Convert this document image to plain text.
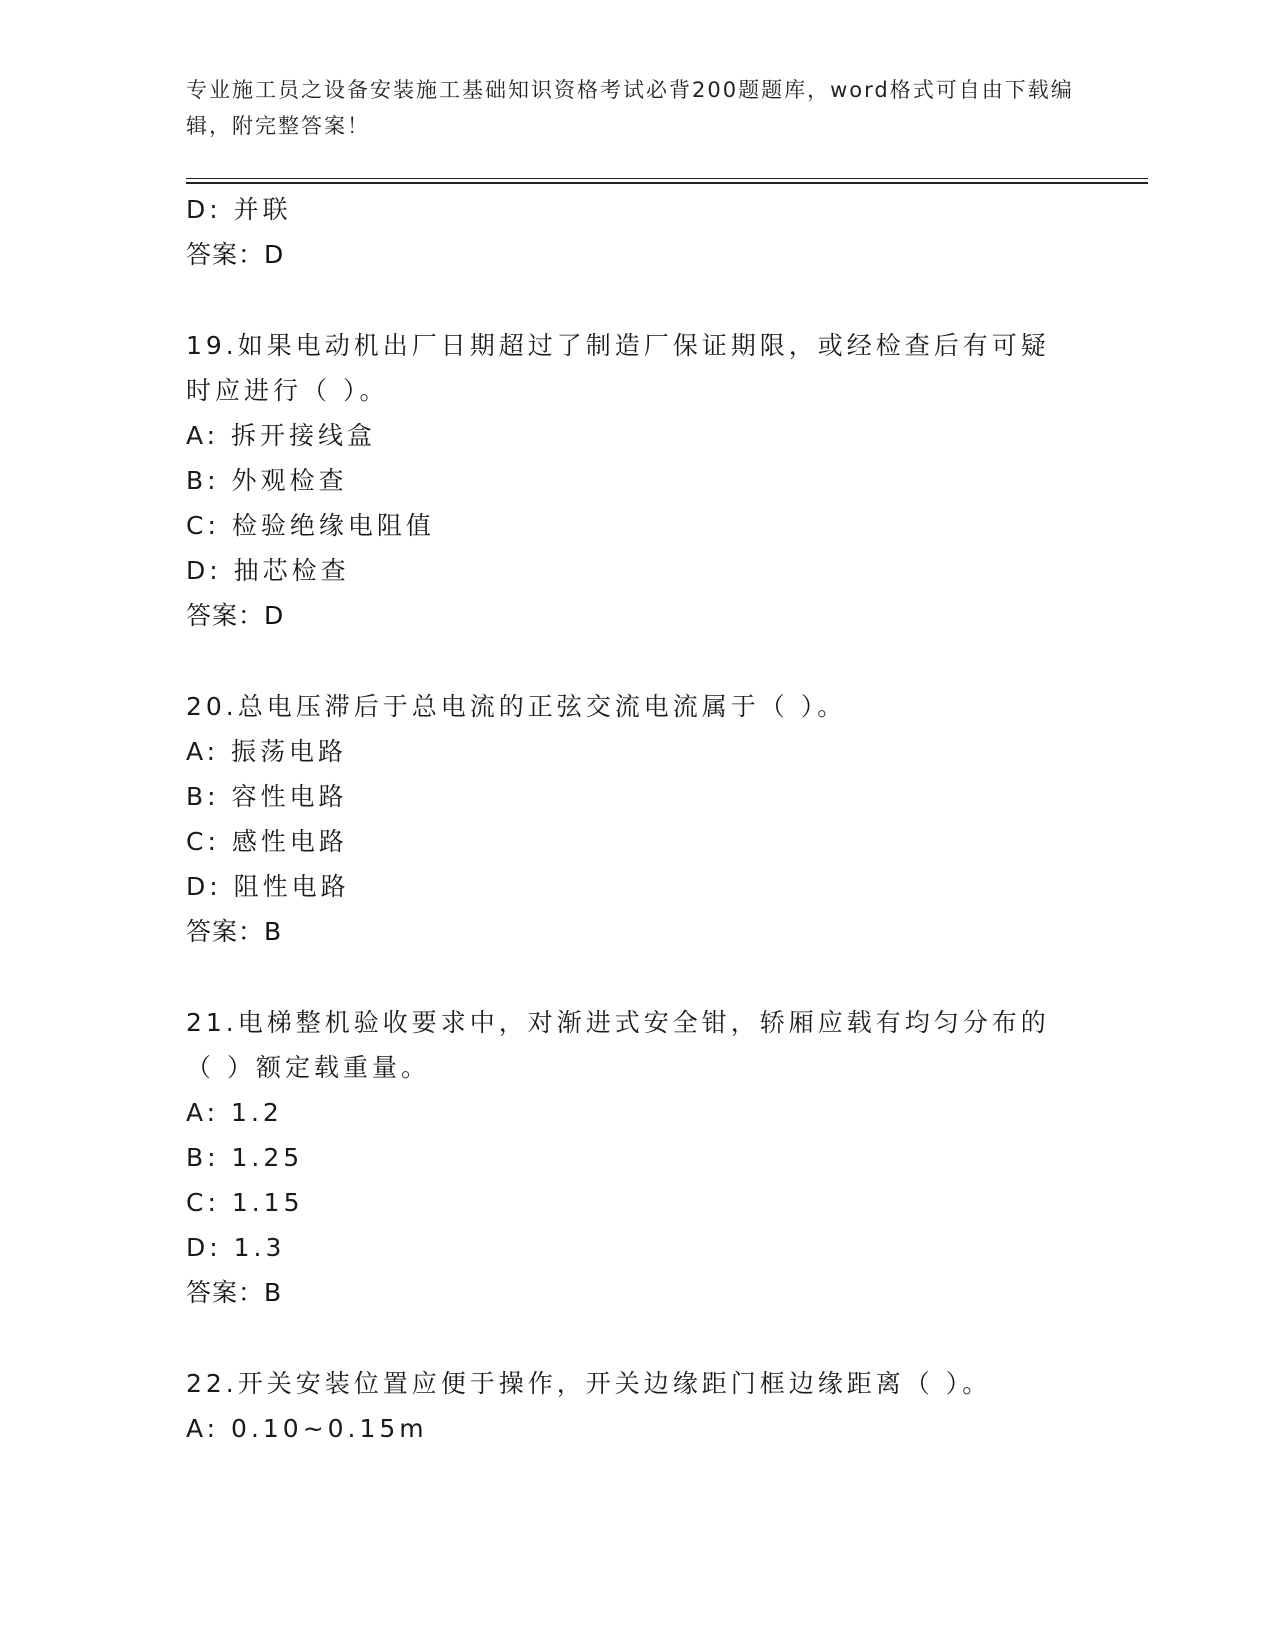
专业施工员之设备安装施工基础知识资格考试必背200题题库，word格式可自由下载编辑，附完整答案！
D: 并联
答案：D
19.如果电动机出厂日期超过了制造厂保证期限，或经检查后有可疑时应进行（ ）。
A: 拆开接线盒
B: 外观检查
C: 检验绝缘电阻值
D: 抽芯检查
答案：D
20.总电压滞后于总电流的正弦交流电流属于（ ）。
A: 振荡电路
B: 容性电路
C: 感性电路
D: 阻性电路
答案：B
21.电梯整机验收要求中，对渐进式安全钳，轿厢应载有均匀分布的（ ）额定载重量。
A: 1.2
B: 1.25
C: 1.15
D: 1.3
答案：B
22.开关安装位置应便于操作，开关边缘距门框边缘距离（ ）。
A: 0.10~0.15m
